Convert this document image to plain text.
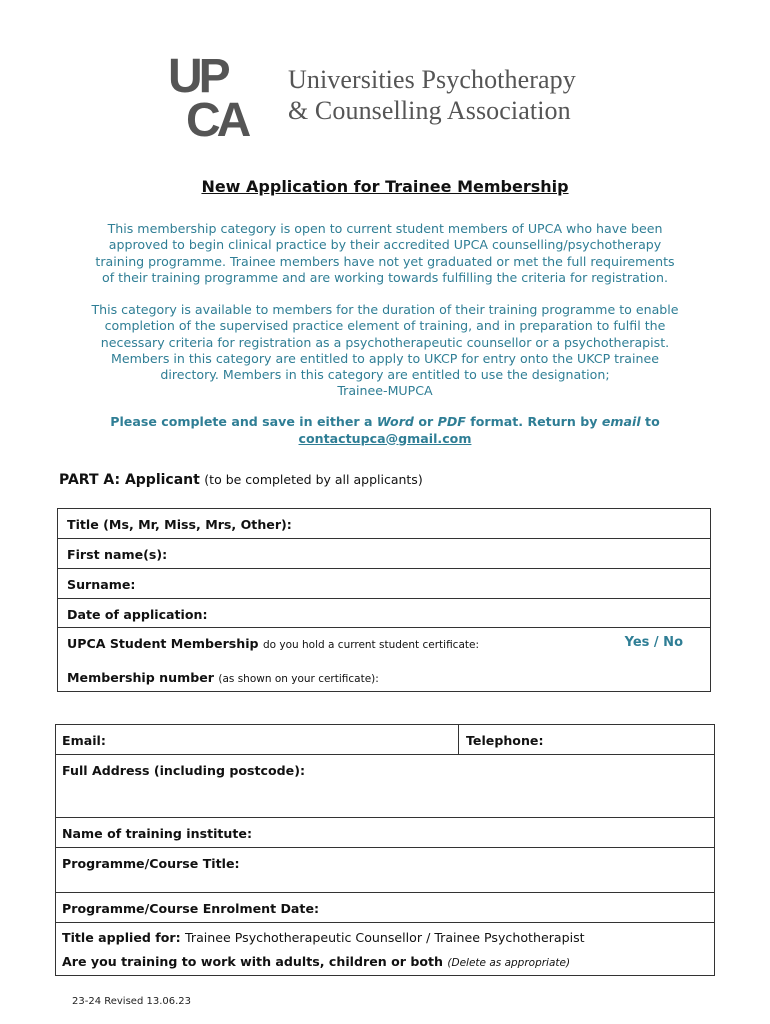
UP
CA
Universities Psychotherapy
& Counselling Association
New Application for Trainee Membership
This membership category is open to current student members of UPCA who have been
approved to begin clinical practice by their accredited UPCA counselling/psychotherapy
training programme. Trainee members have not yet graduated or met the full requirements
of their training programme and are working towards fulfilling the criteria for registration.
This category is available to members for the duration of their training programme to enable
completion of the supervised practice element of training, and in preparation to fulfil the
necessary criteria for registration as a psychotherapeutic counsellor or a psychotherapist.
Members in this category are entitled to apply to UKCP for entry onto the UKCP trainee
directory. Members in this category are entitled to use the designation;
Trainee-MUPCA
Please complete and save in either a Word or PDF format. Return by email to
contactupca@gmail.com
PART A: Applicant (to be completed by all applicants)
Title (Ms, Mr, Miss, Mrs, Other):
First name(s):
Surname:
Date of application:
UPCA Student Membership do you hold a current student certificate:
Membership number (as shown on your certificate):
Yes / No
Email:	Telephone:
Full Address (including postcode):
Name of training institute:
Programme/Course Title:
Programme/Course Enrolment Date:
Title applied for: Trainee Psychotherapeutic Counsellor / Trainee Psychotherapist
Are you training to work with adults, children or both (Delete as appropriate)
23-24 Revised 13.06.23
